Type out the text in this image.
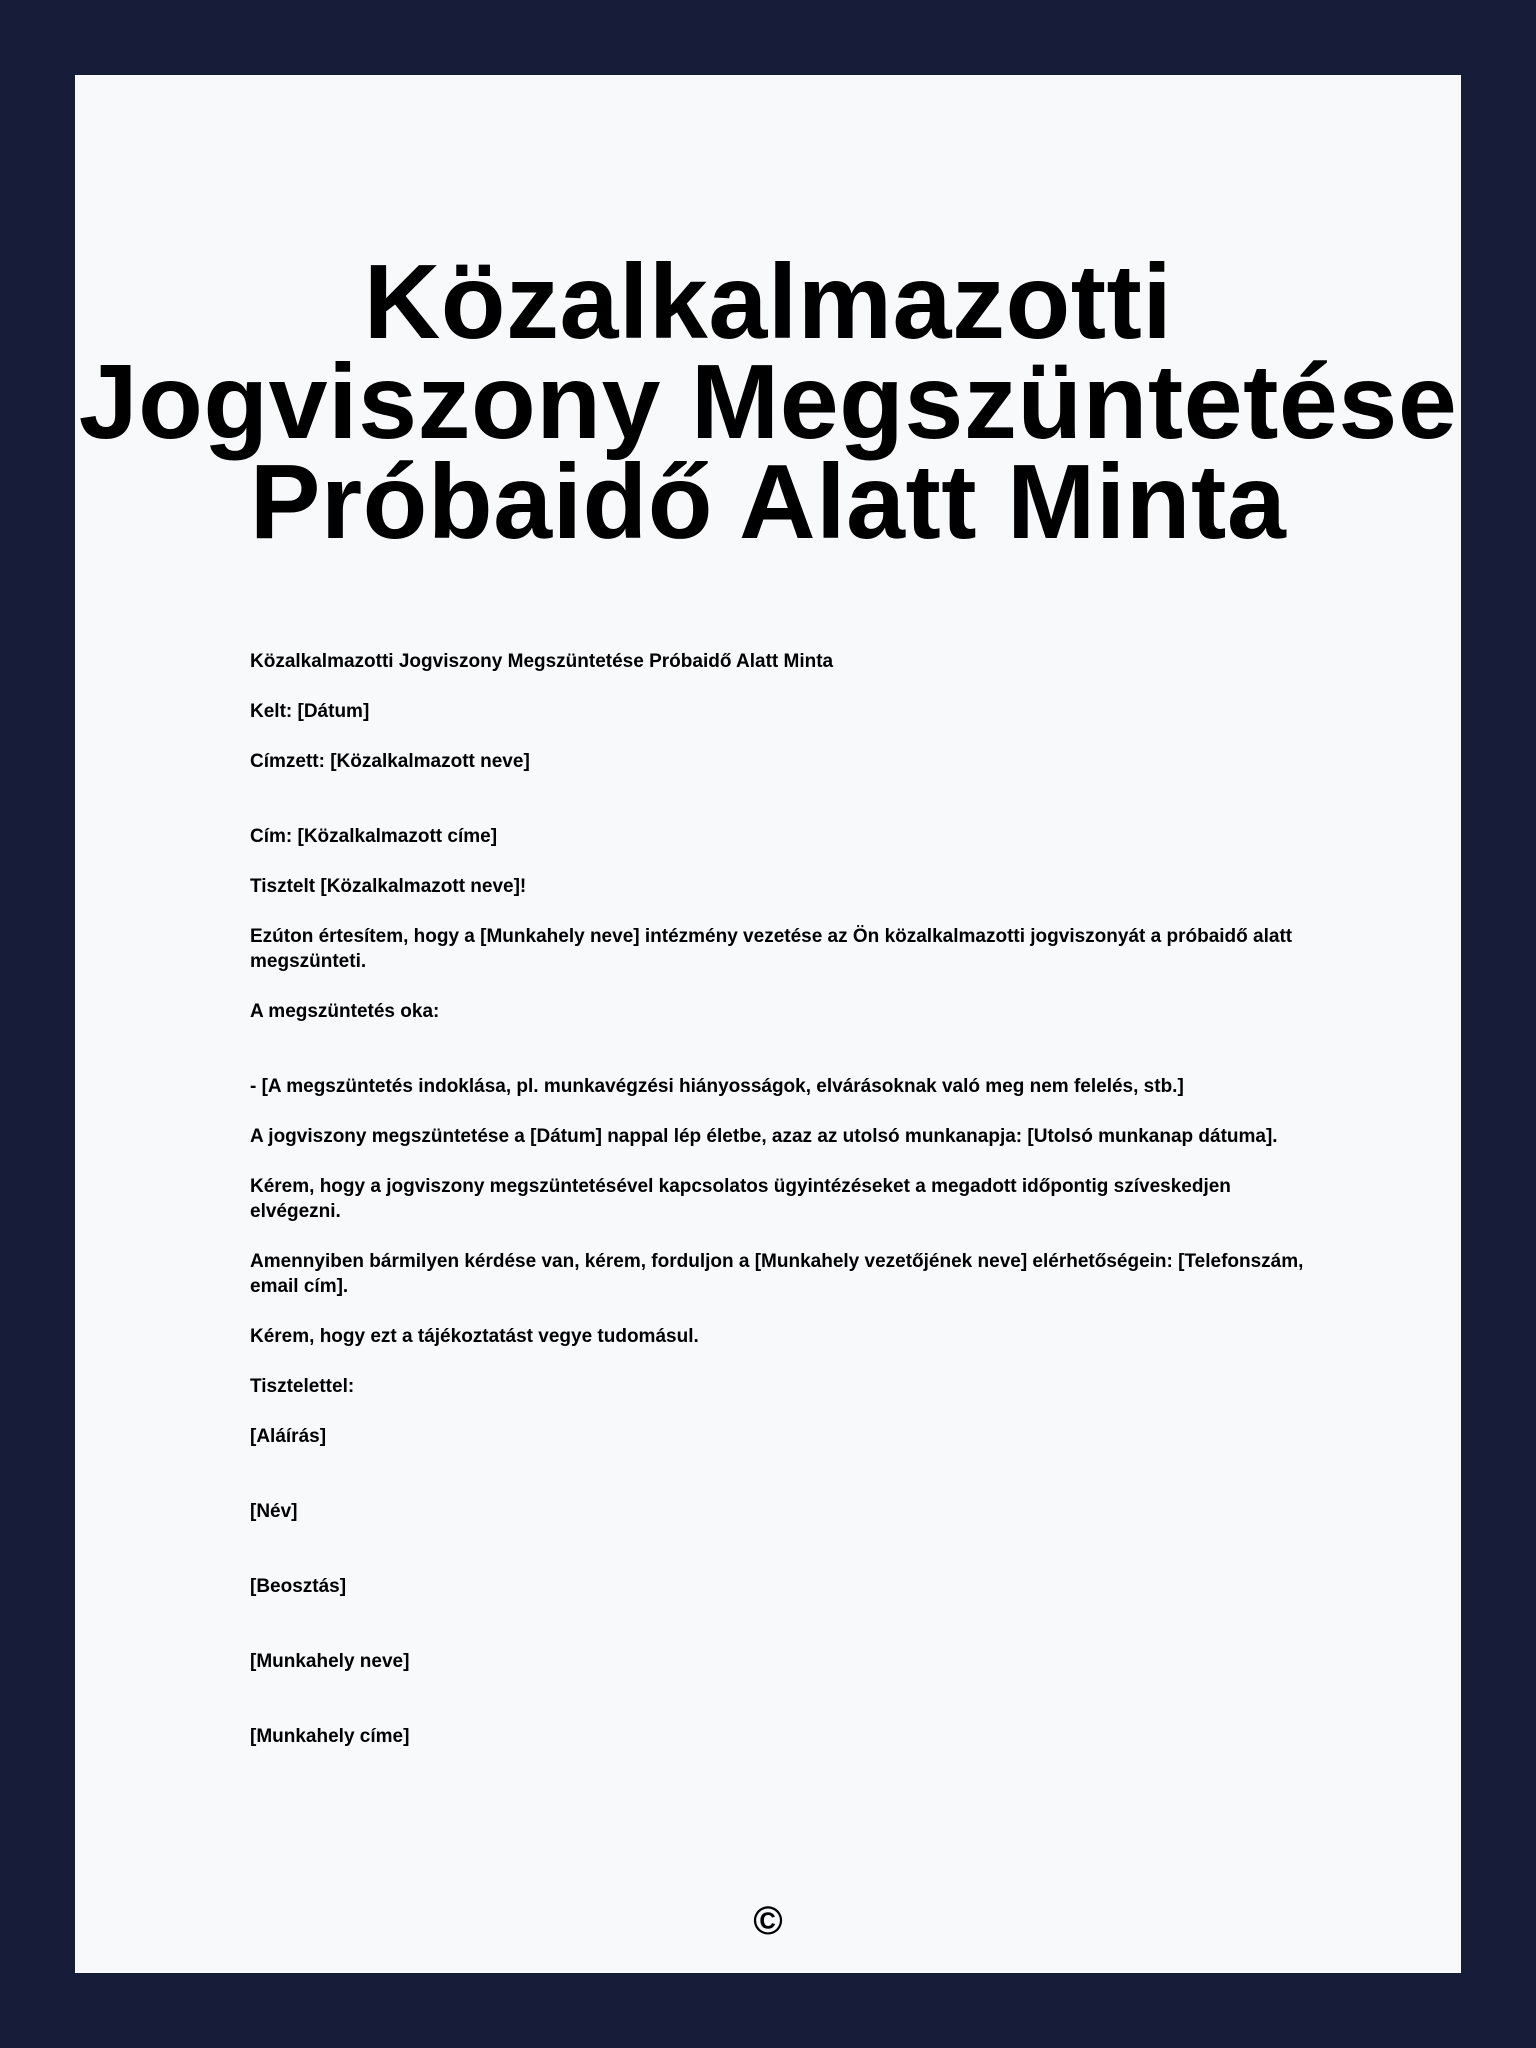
Közalkalmazotti Jogviszony Megszüntetése Próbaidő Alatt Minta

Közalkalmazotti Jogviszony Megszüntetése Próbaidő Alatt Minta

Kelt: [Dátum]

Címzett: [Közalkalmazott neve]

Cím: [Közalkalmazott címe]

Tisztelt [Közalkalmazott neve]!

Ezúton értesítem, hogy a [Munkahely neve] intézmény vezetése az Ön közalkalmazotti jogviszonyát a próbaidő alatt megszünteti.

A megszüntetés oka:

- [A megszüntetés indoklása, pl. munkavégzési hiányosságok, elvárásoknak való meg nem felelés, stb.]

A jogviszony megszüntetése a [Dátum] nappal lép életbe, azaz az utolsó munkanapja: [Utolsó munkanap dátuma].

Kérem, hogy a jogviszony megszüntetésével kapcsolatos ügyintézéseket a megadott időpontig szíveskedjen elvégezni.

Amennyiben bármilyen kérdése van, kérem, forduljon a [Munkahely vezetőjének neve] elérhetőségein: [Telefonszám, email cím].

Kérem, hogy ezt a tájékoztatást vegye tudomásul.

Tisztelettel:

[Aláírás]

[Név]

[Beosztás]

[Munkahely neve]

[Munkahely címe]

©
